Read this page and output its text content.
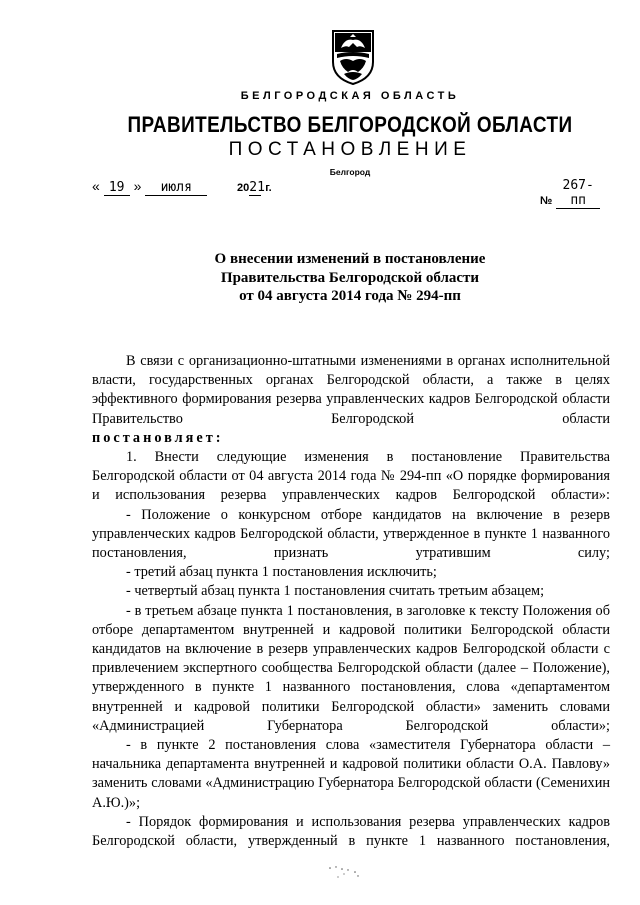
БЕЛГОРОДСКАЯ ОБЛАСТЬ
ПРАВИТЕЛЬСТВО БЕЛГОРОДСКОЙ ОБЛАСТИ
ПОСТАНОВЛЕНИЕ
Белгород
« 19 » июля	2021 г.
№ 267-пп
О внесении изменений в постановление
Правительства Белгородской области
от 04 августа 2014 года № 294-пп

В связи с организационно-штатными изменениями в органах исполнительной власти, государственных органах Белгородской области, а также в целях эффективного формирования резерва управленческих кадров Белгородской области Правительство Белгородской области

постановляет:

1. Внести следующие изменения в постановление Правительства Белгородской области от 04 августа 2014 года № 294-пп «О порядке формирования и использования резерва управленческих кадров Белгородской области»:

- Положение о конкурсном отборе кандидатов на включение в резерв управленческих кадров Белгородской области, утвержденное в пункте 1 названного постановления, признать утратившим силу;

- третий абзац пункта 1 постановления исключить;

- четвертый абзац пункта 1 постановления считать третьим абзацем;

- в третьем абзаце пункта 1 постановления, в заголовке к тексту Положения об отборе департаментом внутренней и кадровой политики Белгородской области кандидатов на включение в резерв управленческих кадров Белгородской области с привлечением экспертного сообщества Белгородской области (далее – Положение), утвержденного в пункте 1 названного постановления, слова «департаментом внутренней и кадровой политики Белгородской области» заменить словами «Администрацией Губернатора Белгородской области»;

- в пункте 2 постановления слова «заместителя Губернатора области – начальника департамента внутренней и кадровой политики области О.А. Павлову» заменить словами «Администрацию Губернатора Белгородской области (Семенихин А.Ю.)»;

- Порядок формирования и использования резерва управленческих кадров Белгородской области, утвержденный в пункте 1 названного постановления,
